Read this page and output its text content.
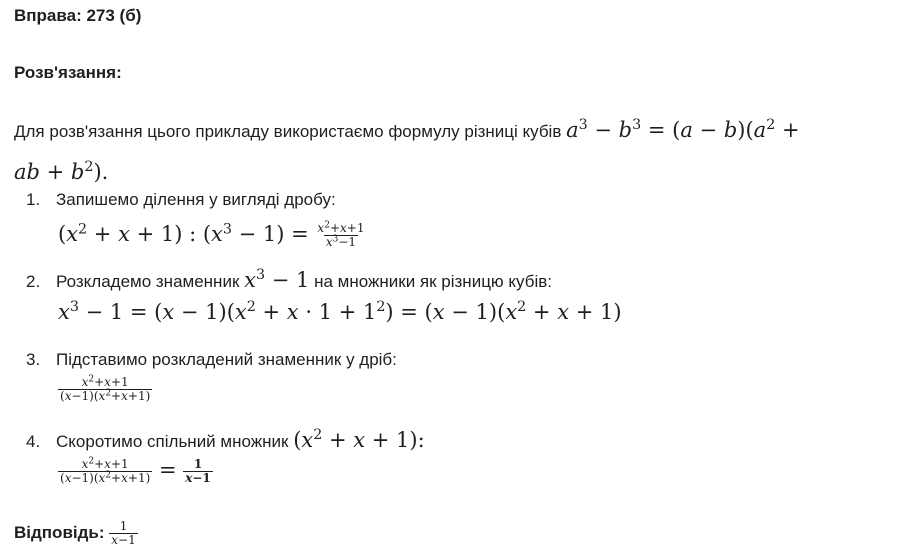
Вправа: 273 (б)
Розв'язання:
Для розв'язання цього прикладу використаємо формулу різниці кубів $a^3 - b^3 = (a - b)(a^2$ +
ab + $b^2$).
1. Запишемо ділення у вигляді дробу:
$(x^2 + x + 1)$ : $(x^3 - 1) = \frac{x^2+x+1}{x^3-1}$
2. Розкладемо знаменник $x^3 - 1$ на множники як різницю кубів:
$x^3 - 1 = (x - 1)(x^2 + x \cdot 1 + 1^2) = (x - 1)(x^2 + x + 1)$
3. Підставимо розкладений знаменник у дріб:
$\frac{x^2+x+1}{(x-1)(x^2+x+1)}$
4. Скоротимо спільний множник $(x^2 + x + 1)$:
$\frac{x^2+x+1}{(x-1)(x^2+x+1)} = \frac{1}{x-1}$
Відповідь: $\frac{1}{x-1}$
